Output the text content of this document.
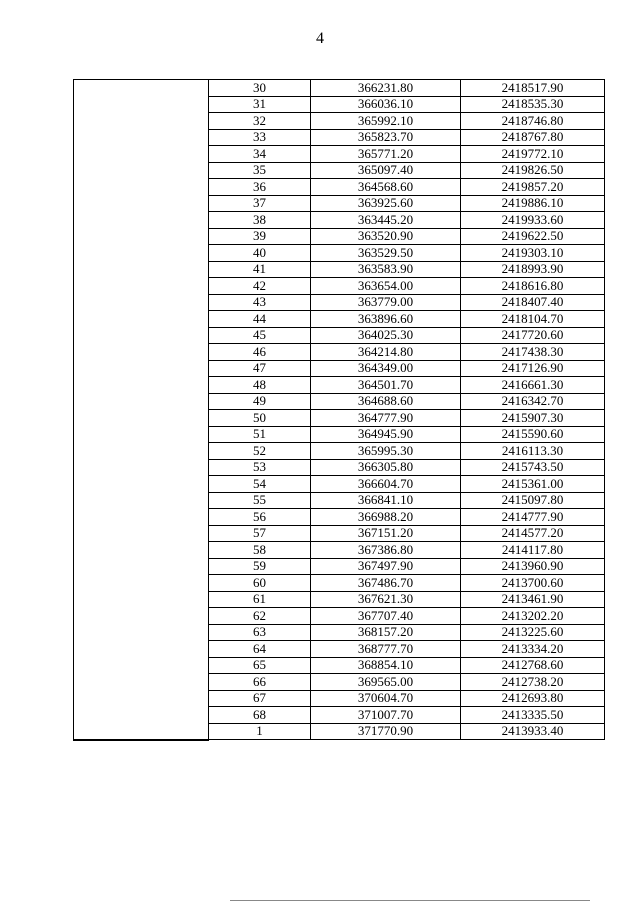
4
	30	366231.80	2418517.90
	31	366036.10	2418535.30
	32	365992.10	2418746.80
	33	365823.70	2418767.80
	34	365771.20	2419772.10
	35	365097.40	2419826.50
	36	364568.60	2419857.20
	37	363925.60	2419886.10
	38	363445.20	2419933.60
	39	363520.90	2419622.50
	40	363529.50	2419303.10
	41	363583.90	2418993.90
	42	363654.00	2418616.80
	43	363779.00	2418407.40
	44	363896.60	2418104.70
	45	364025.30	2417720.60
	46	364214.80	2417438.30
	47	364349.00	2417126.90
	48	364501.70	2416661.30
	49	364688.60	2416342.70
	50	364777.90	2415907.30
	51	364945.90	2415590.60
	52	365995.30	2416113.30
	53	366305.80	2415743.50
	54	366604.70	2415361.00
	55	366841.10	2415097.80
	56	366988.20	2414777.90
	57	367151.20	2414577.20
	58	367386.80	2414117.80
	59	367497.90	2413960.90
	60	367486.70	2413700.60
	61	367621.30	2413461.90
	62	367707.40	2413202.20
	63	368157.20	2413225.60
	64	368777.70	2413334.20
	65	368854.10	2412768.60
	66	369565.00	2412738.20
	67	370604.70	2412693.80
	68	371007.70	2413335.50
	1	371770.90	2413933.40
